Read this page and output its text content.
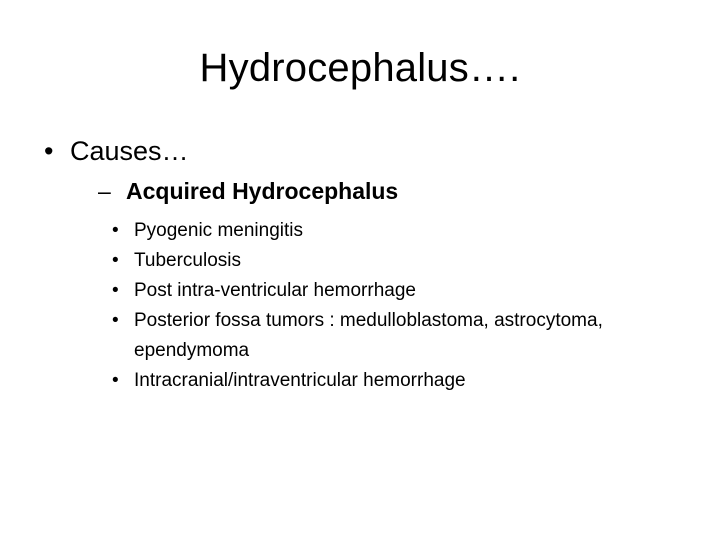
Hydrocephalus….
• Causes…
– Acquired Hydrocephalus
• Pyogenic meningitis
• Tuberculosis
• Post intra-ventricular hemorrhage
• Posterior fossa tumors : medulloblastoma, astrocytoma, ependymoma
• Intracranial/intraventricular hemorrhage
